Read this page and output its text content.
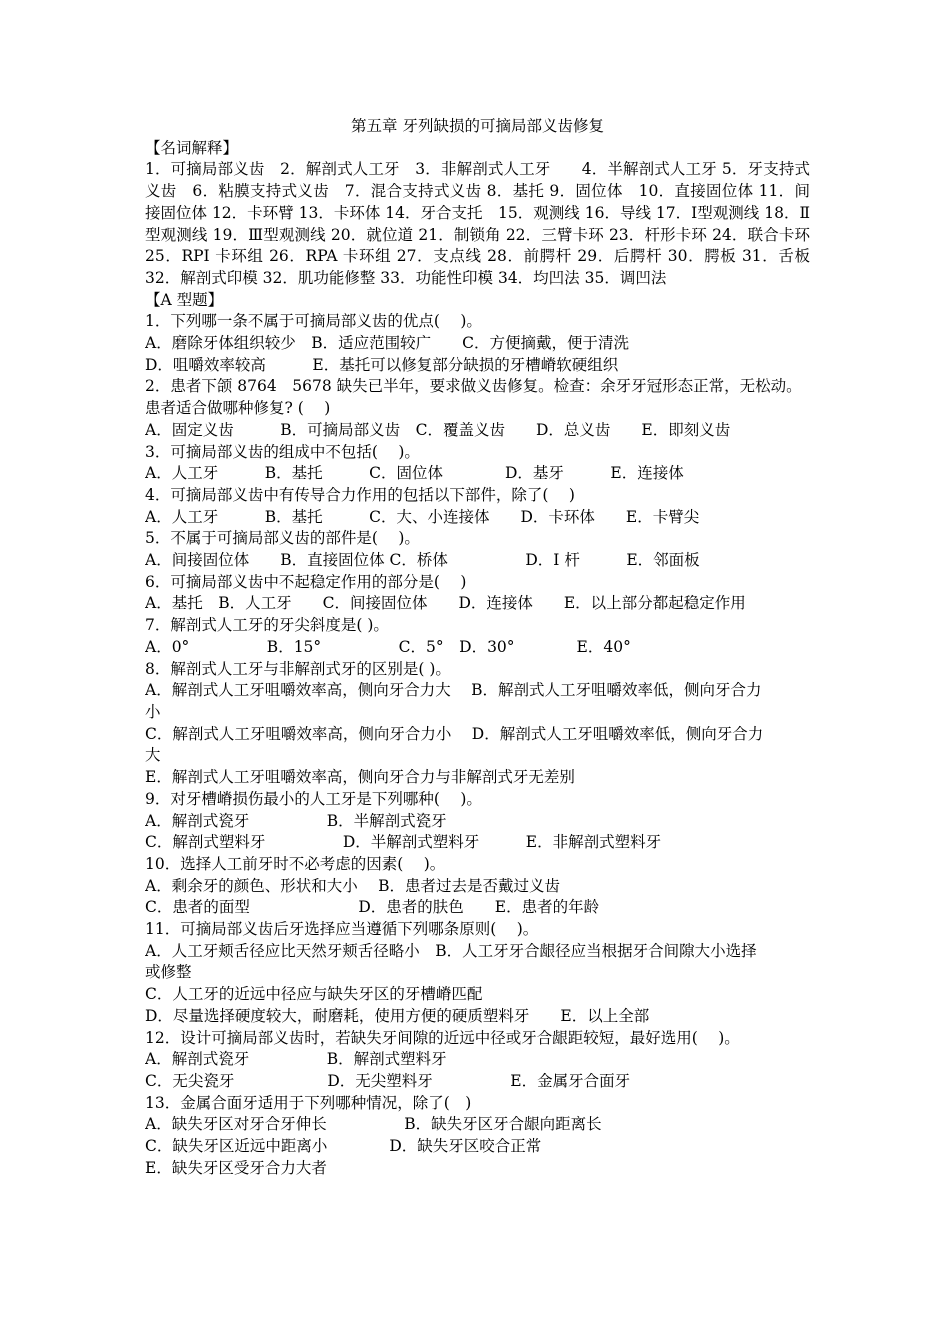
第五章 牙列缺损的可摘局部义齿修复
【名词解释】
1．可摘局部义齿　2．解剖式人工牙　3．非解剖式人工牙　　4．半解剖式人工牙 5．牙支持式义齿　6．粘膜支持式义齿　7．混合支持式义齿 8．基托 9．固位体　10．直接固位体 11．间接固位体 12．卡环臂 13．卡环体 14．牙合支托　15．观测线 16．导线 17．Ⅰ型观测线 18．Ⅱ型观测线 19．Ⅲ型观测线 20．就位道 21．制锁角 22．三臂卡环 23．杆形卡环 24．联合卡环 25．RPI 卡环组 26．RPA 卡环组 27．支点线 28．前腭杆 29．后腭杆 30．腭板 31．舌板 32．解剖式印模 32．肌功能修整 33．功能性印模 34．均凹法 35．调凹法
【A 型题】
1．下列哪一条不属于可摘局部义齿的优点(　 )。
A．磨除牙体组织较少　B．适应范围较广　　C．方便摘戴，便于清洗
D．咀嚼效率较高　　　E．基托可以修复部分缺损的牙槽嵴软硬组织
2．患者下颌 8764　5678 缺失已半年，要求做义齿修复。检查：余牙牙冠形态正常，无松动。
患者适合做哪种修复? (　 )
A．固定义齿　　　B．可摘局部义齿　C．覆盖义齿　　D．总义齿　　E．即刻义齿
3．可摘局部义齿的组成中不包括(　 )。
A．人工牙　　　B．基托　　　C．固位体　　　　D．基牙　　　E．连接体
4．可摘局部义齿中有传导合力作用的包括以下部件，除了(　 )
A．人工牙　　　B．基托　　　C．大、小连接体　　D．卡环体　　E．卡臂尖
5．不属于可摘局部义齿的部件是(　 )。
A．间接固位体　　B．直接固位体 C．桥体　　　　　D．I 杆　　　E．邻面板
6．可摘局部义齿中不起稳定作用的部分是(　 )
A．基托　B．人工牙　　C．间接固位体　　D．连接体　　E．以上部分都起稳定作用
7．解剖式人工牙的牙尖斜度是( )。
A．0°　　　　　B．15°　　　　　C．5°　D．30°　　　　E．40°
8．解剖式人工牙与非解剖式牙的区别是( )。
A．解剖式人工牙咀嚼效率高，侧向牙合力大　 B．解剖式人工牙咀嚼效率低，侧向牙合力
小
C．解剖式人工牙咀嚼效率高，侧向牙合力小　 D．解剖式人工牙咀嚼效率低，侧向牙合力
大
E．解剖式人工牙咀嚼效率高，侧向牙合力与非解剖式牙无差别
9．对牙槽嵴损伤最小的人工牙是下列哪种(　 )。
A．解剖式瓷牙　　　　　B．半解剖式瓷牙
C．解剖式塑料牙　　　　　D．半解剖式塑料牙　　　E．非解剖式塑料牙
10．选择人工前牙时不必考虑的因素(　 )。
A．剩余牙的颜色、形状和大小　 B．患者过去是否戴过义齿
C．患者的面型　　　　　　　D．患者的肤色　　E．患者的年龄
11．可摘局部义齿后牙选择应当遵循下列哪条原则(　 )。
A．人工牙颊舌径应比天然牙颊舌径略小　B．人工牙牙合龈径应当根据牙合间隙大小选择
或修整
C．人工牙的近远中径应与缺失牙区的牙槽嵴匹配
D．尽量选择硬度较大，耐磨耗，使用方便的硬质塑料牙　　E．以上全部
12．设计可摘局部义齿时，若缺失牙间隙的近远中径或牙合龈距较短，最好选用(　 )。
A．解剖式瓷牙　　　　　B．解剖式塑料牙
C．无尖瓷牙　　　　　　D．无尖塑料牙　　　　　E．金属牙合面牙
13．金属合面牙适用于下列哪种情况，除了(　)
A．缺失牙区对牙合牙伸长　　　　　B．缺失牙区牙合龈向距离长
C．缺失牙区近远中距离小　　　　D．缺失牙区咬合正常
E．缺失牙区受牙合力大者
